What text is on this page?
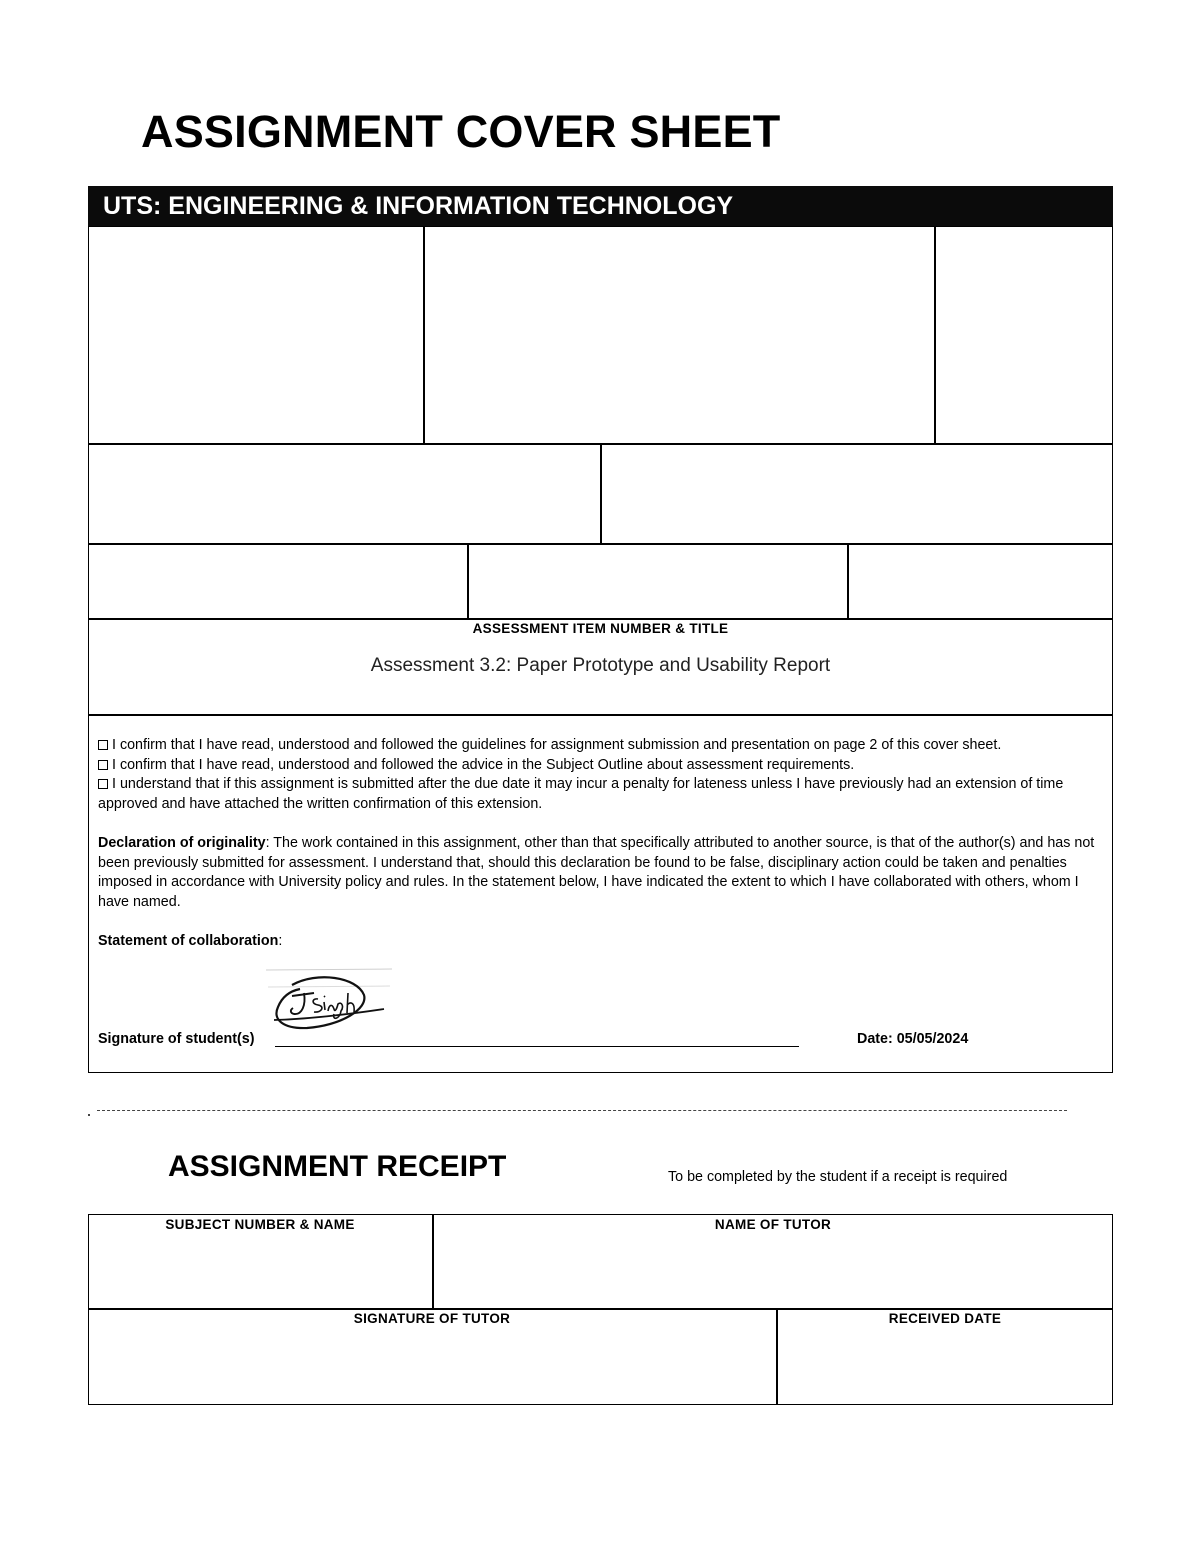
ASSIGNMENT COVER SHEET
UTS: ENGINEERING & INFORMATION TECHNOLOGY
ASSESSMENT ITEM NUMBER & TITLE
Assessment 3.2: Paper Prototype and Usability Report

I confirm that I have read, understood and followed the guidelines for assignment submission and presentation on page 2 of this cover sheet.

I confirm that I have read, understood and followed the advice in the Subject Outline about assessment requirements.

I understand that if this assignment is submitted after the due date it may incur a penalty for lateness unless I have previously had an extension of time approved and have attached the written confirmation of this extension.

Declaration of originality: The work contained in this assignment, other than that specifically attributed to another source, is that of the author(s) and has not been previously submitted for assessment. I understand that, should this declaration be found to be false, disciplinary action could be taken and penalties imposed in accordance with University policy and rules. In the statement below, I have indicated the extent to which I have collaborated with others, whom I have named.

Statement of collaboration:

Signature of student(s)	Date: 05/05/2024
ASSIGNMENT RECEIPT	To be completed by the student if a receipt is required
SUBJECT NUMBER & NAME	NAME OF TUTOR
SIGNATURE OF TUTOR	RECEIVED DATE
